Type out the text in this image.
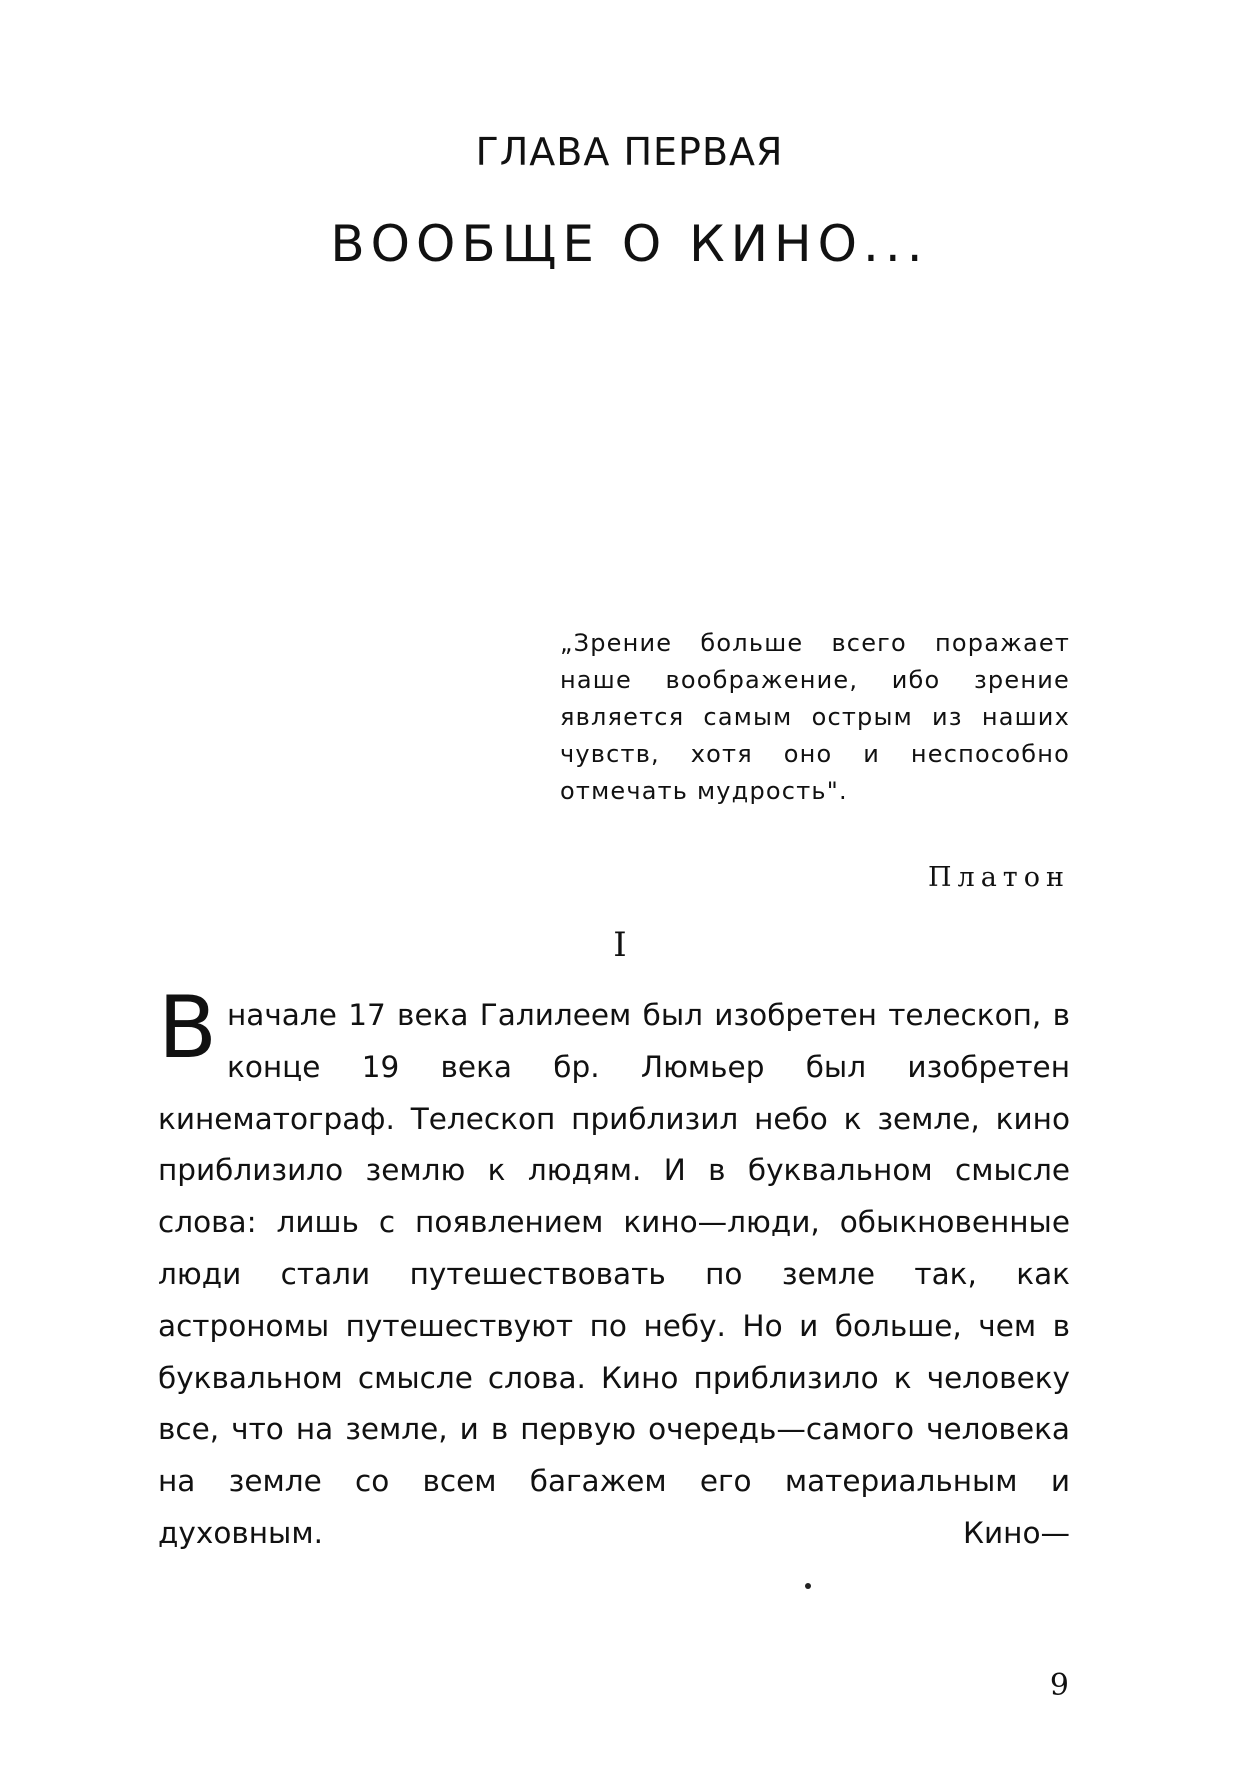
ГЛАВА ПЕРВАЯ
ВООБЩЕ О КИНО...
„Зрение больше всего поражает наше воображение, ибо зрение является самым острым из наших чувств, хотя оно и неспособно отмечать мудрость".
Платон
I
В начале 17 века Галилеем был изобретен телескоп, в конце 19 века бр. Люмьер был изобретен кинематограф. Телескоп приблизил небо к земле, кино приблизило землю к людям. И в буквальном смысле слова: лишь с появлением кино—люди, обыкновенные люди стали путешествовать по земле так, как астрономы путешествуют по небу. Но и больше, чем в буквальном смысле слова. Кино приблизило к человеку все, что на земле, и в первую очередь—самого человека на земле со всем багажем его материальным и духовным. Кино—
9
